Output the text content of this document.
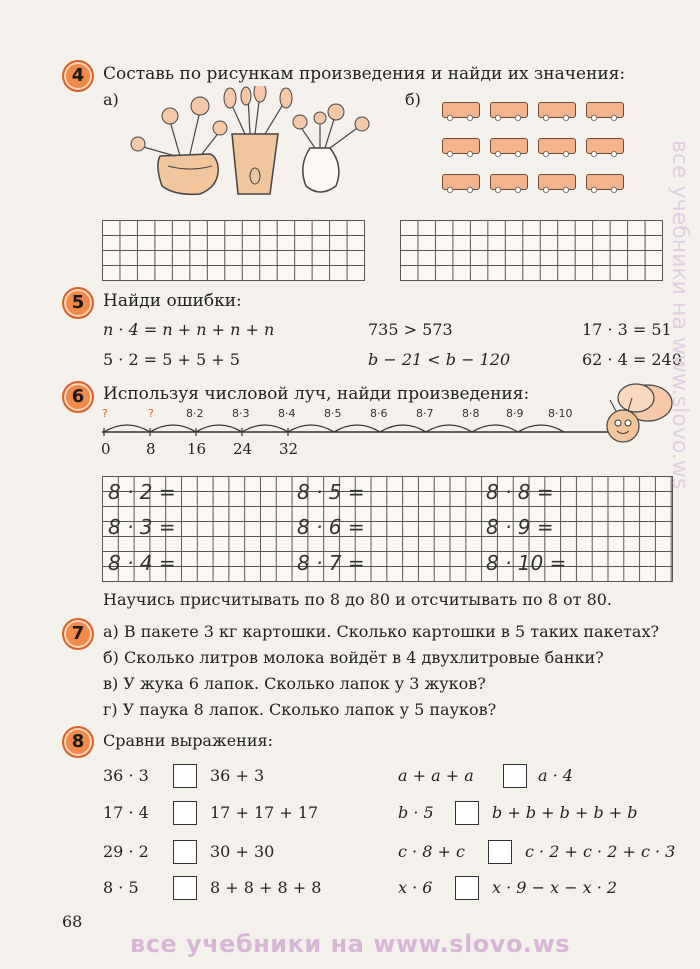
4	Составь по рисункам произведения и найди их значения:
а)	б)
5	Найди ошибки:
n · 4 = n + n + n + n	735 > 573	17 · 3 = 51
5 · 2 = 5 + 5 + 5	b − 21 < b − 120	62 · 4 = 240
6	Используя числовой луч, найди произведения:
?	?	8·2	8·3	8·4	8·5	8·6	8·7	8·8 8·9 8·10
0 8 16 24 32
8 · 2 =
8 · 3 =
8 · 4 =
8 · 5 =
8 · 6 =
8 · 7 =
8 · 8 =
8 · 9 =
8 · 10 =
Научись присчитывать по 8 до 80 и отсчитывать по 8 от 80.
7	а) В пакете 3 кг картошки. Сколько картошки в 5 таких пакетах?
б) Сколько литров молока войдёт в 4 двухлитровые банки?
в) У жука 6 лапок. Сколько лапок у 3 жуков?
г) У паука 8 лапок. Сколько лапок у 5 пауков?
8	Сравни выражения:
36 · 3	36 + 3
17 · 4	17 + 17 + 17
29 · 2	30 + 30
8 · 5	8 + 8 + 8 + 8
a + a + a	a · 4
b · 5	b + b + b + b + b
c · 8 + c	c · 2 + c · 2 + c · 3
x · 6	x · 9 − x − x · 2
68
все учебники на www.slovo.ws
все учебники на www.slovo.ws
